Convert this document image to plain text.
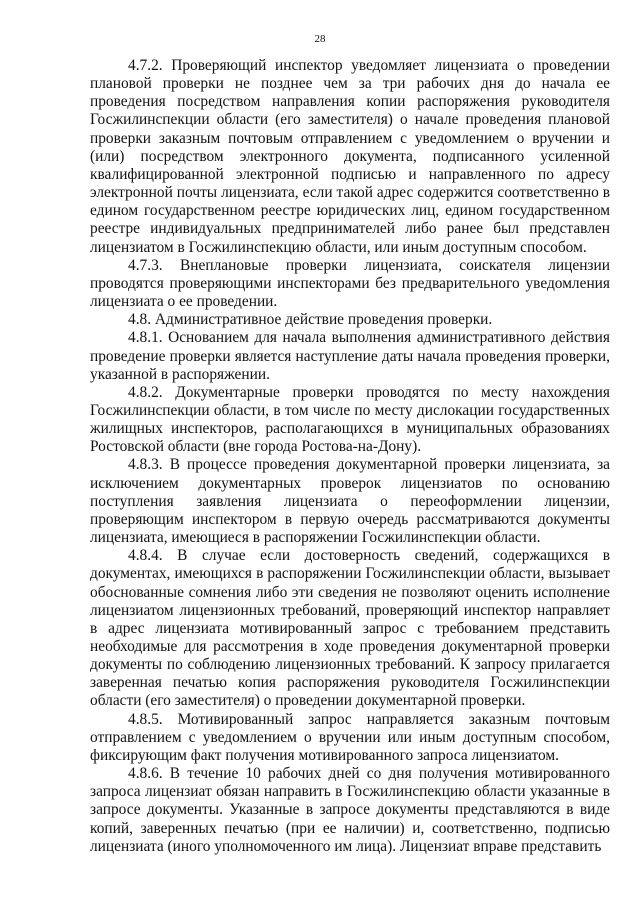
28

4.7.2. Проверяющий инспектор уведомляет лицензиата о проведении плановой проверки не позднее чем за три рабочих дня до начала ее проведения посредством направления копии распоряжения руководителя Госжилинспекции области (его заместителя) о начале проведения плановой проверки заказным почтовым отправлением с уведомлением о вручении и (или) посредством электронного документа, подписанного усиленной квалифицированной электронной подписью и направленного по адресу электронной почты лицензиата, если такой адрес содержится соответственно в едином государственном реестре юридических лиц, едином государственном реестре индивидуальных предпринимателей либо ранее был представлен лицензиатом в Госжилинспекцию области, или иным доступным способом.

4.7.3. Внеплановые проверки лицензиата, соискателя лицензии проводятся проверяющими инспекторами без предварительного уведомления лицензиата о ее проведении.

4.8. Административное действие проведения проверки.

4.8.1. Основанием для начала выполнения административного действия проведение проверки является наступление даты начала проведения проверки, указанной в распоряжении.

4.8.2. Документарные проверки проводятся по месту нахождения Госжилинспекции области, в том числе по месту дислокации государственных жилищных инспекторов, располагающихся в муниципальных образованиях Ростовской области (вне города Ростова-на-Дону).

4.8.3. В процессе проведения документарной проверки лицензиата, за исключением документарных проверок лицензиатов по основанию поступления заявления лицензиата о переоформлении лицензии, проверяющим инспектором в первую очередь рассматриваются документы лицензиата, имеющиеся в распоряжении Госжилинспекции области.

4.8.4. В случае если достоверность сведений, содержащихся в документах, имеющихся в распоряжении Госжилинспекции области, вызывает обоснованные сомнения либо эти сведения не позволяют оценить исполнение лицензиатом лицензионных требований, проверяющий инспектор направляет в адрес лицензиата мотивированный запрос с требованием представить необходимые для рассмотрения в ходе проведения документарной проверки документы по соблюдению лицензионных требований. К запросу прилагается заверенная печатью копия распоряжения руководителя Госжилинспекции области (его заместителя) о проведении документарной проверки.

4.8.5. Мотивированный запрос направляется заказным почтовым отправлением с уведомлением о вручении или иным доступным способом, фиксирующим факт получения мотивированного запроса лицензиатом.

4.8.6. В течение 10 рабочих дней со дня получения мотивированного запроса лицензиат обязан направить в Госжилинспекцию области указанные в запросе документы. Указанные в запросе документы представляются в виде копий, заверенных печатью (при ее наличии) и, соответственно, подписью лицензиата (иного уполномоченного им лица). Лицензиат вправе представить
